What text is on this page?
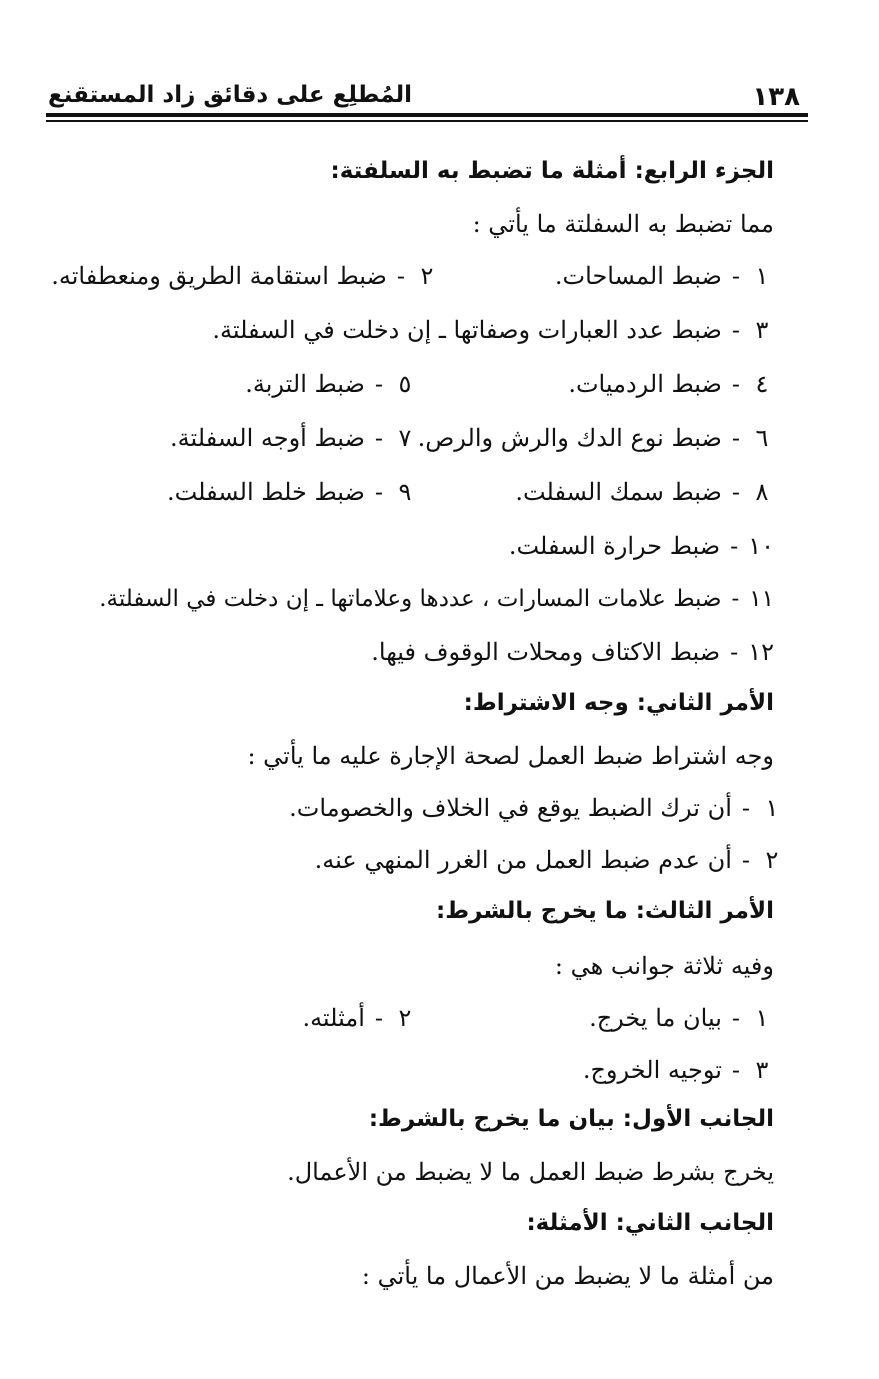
١٣٨
المُطلِع على دقائق زاد المستقنع
الجزء الرابع: أمثلة ما تضبط به السلفتة:
مما تضبط به السفلتة ما يأتي :
١-ضبط المساحات.
٢-ضبط استقامة الطريق ومنعطفاته.
٣-ضبط عدد العبارات وصفاتها ـ إن دخلت في السفلتة.
٤-ضبط الردميات.
٥-ضبط التربة.
٦-ضبط نوع الدك والرش والرص.
٧-ضبط أوجه السفلتة.
٨-ضبط سمك السفلت.
٩-ضبط خلط السفلت.
١٠-ضبط حرارة السفلت.
١١-ضبط علامات المسارات ، عددها وعلاماتها ـ إن دخلت في السفلتة.
١٢-ضبط الاكتاف ومحلات الوقوف فيها.
الأمر الثاني: وجه الاشتراط:
وجه اشتراط ضبط العمل لصحة الإجارة عليه ما يأتي :
١-أن ترك الضبط يوقع في الخلاف والخصومات.
٢-أن عدم ضبط العمل من الغرر المنهي عنه.
الأمر الثالث: ما يخرج بالشرط:
وفيه ثلاثة جوانب هي :
١-بيان ما يخرج.
٢-أمثلته.
٣-توجيه الخروج.
الجانب الأول: بيان ما يخرج بالشرط:
يخرج بشرط ضبط العمل ما لا يضبط من الأعمال.
الجانب الثاني: الأمثلة:
من أمثلة ما لا يضبط من الأعمال ما يأتي :
